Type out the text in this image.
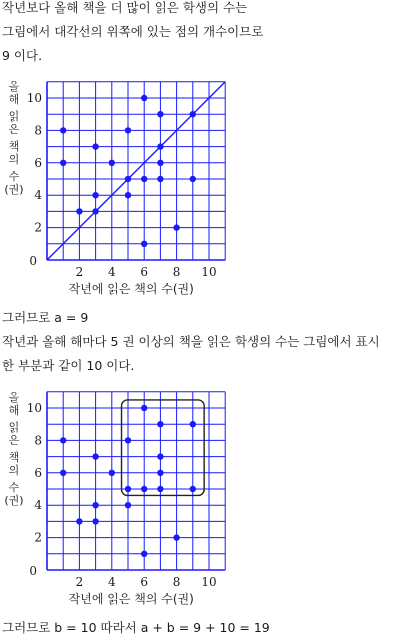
작년보다 올해 책을 더 많이 읽은 학생의 수는
그림에서 대각선의 위쪽에 있는 점의 개수이므로
9 이다.
올
해
읽
은
책
의
수
(권)
2 4 6 8 10
2
4
6
8
10
0
작년에 읽은 책의 수(권)
그러므로 a = 9
작년과 올해 해마다 5 권 이상의 책을 읽은 학생의 수는 그림에서 표시
한 부분과 같이 10 이다.
올
해
읽
은
책
의
수
(권)
2 4 6 8 10
2
4
6
8
10
0
작년에 읽은 책의 수(권)
그러므로 b = 10 따라서 a + b = 9 + 10 = 19
